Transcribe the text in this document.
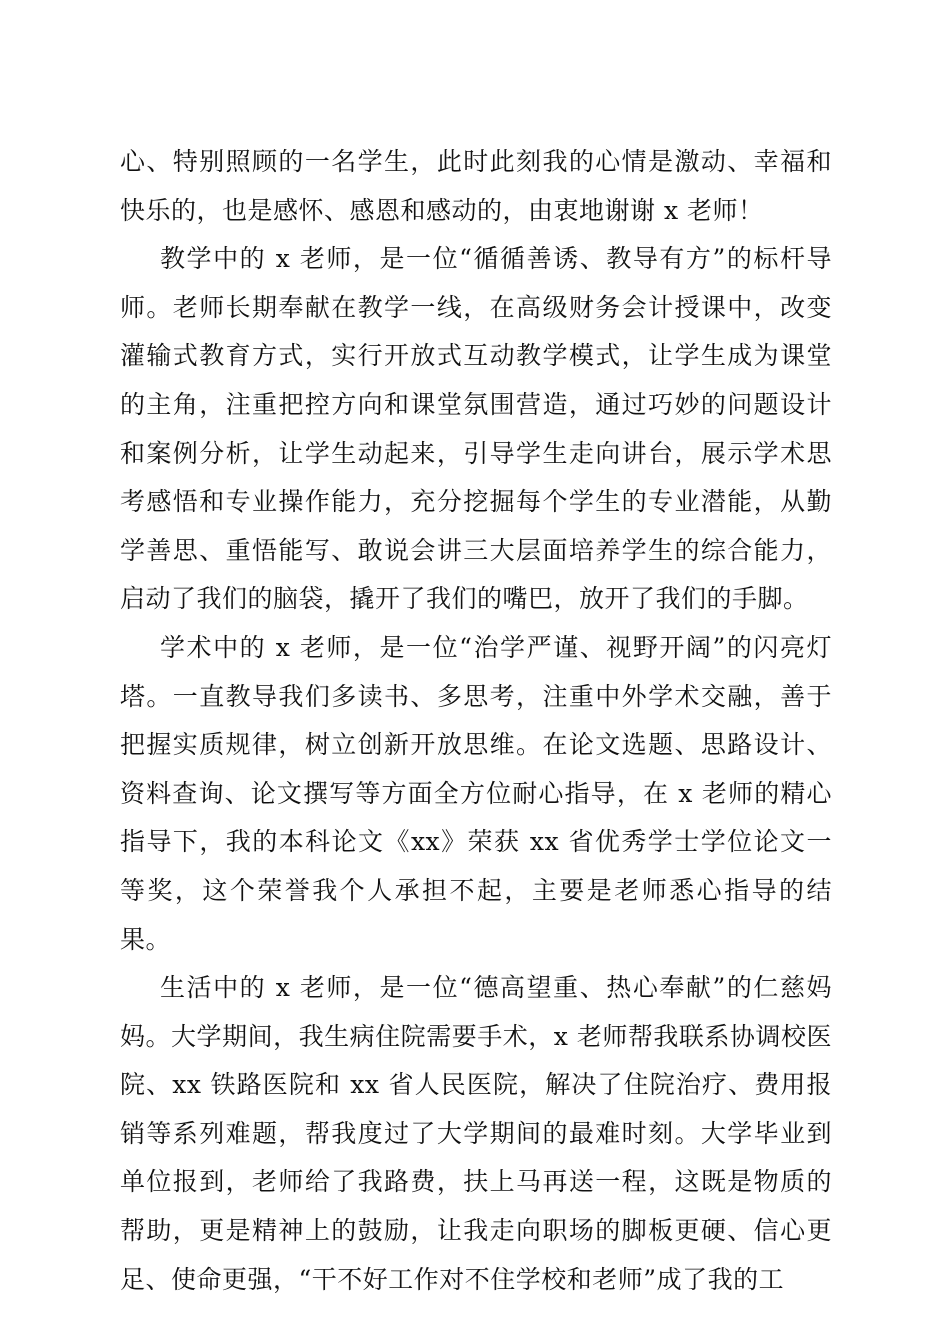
心、特别照顾的一名学生，此时此刻我的心情是激动、幸福和快乐的，也是感怀、感恩和感动的，由衷地谢谢 x 老师！

教学中的 x 老师，是一位“循循善诱、教导有方”的标杆导师。老师长期奉献在教学一线，在高级财务会计授课中，改变灌输式教育方式，实行开放式互动教学模式，让学生成为课堂的主角，注重把控方向和课堂氛围营造，通过巧妙的问题设计和案例分析，让学生动起来，引导学生走向讲台，展示学术思考感悟和专业操作能力，充分挖掘每个学生的专业潜能，从勤学善思、重悟能写、敢说会讲三大层面培养学生的综合能力，启动了我们的脑袋，撬开了我们的嘴巴，放开了我们的手脚。

学术中的 x 老师，是一位“治学严谨、视野开阔”的闪亮灯塔。一直教导我们多读书、多思考，注重中外学术交融，善于把握实质规律，树立创新开放思维。在论文选题、思路设计、资料查询、论文撰写等方面全方位耐心指导，在 x 老师的精心指导下，我的本科论文《xx》荣获 xx 省优秀学士学位论文一等奖，这个荣誉我个人承担不起，主要是老师悉心指导的结果。

生活中的 x 老师，是一位“德高望重、热心奉献”的仁慈妈妈。大学期间，我生病住院需要手术，x 老师帮我联系协调校医院、xx 铁路医院和 xx 省人民医院，解决了住院治疗、费用报销等系列难题，帮我度过了大学期间的最难时刻。大学毕业到单位报到，老师给了我路费，扶上马再送一程，这既是物质的帮助，更是精神上的鼓励，让我走向职场的脚板更硬、信心更足、使命更强，“干不好工作对不住学校和老师”成了我的工
